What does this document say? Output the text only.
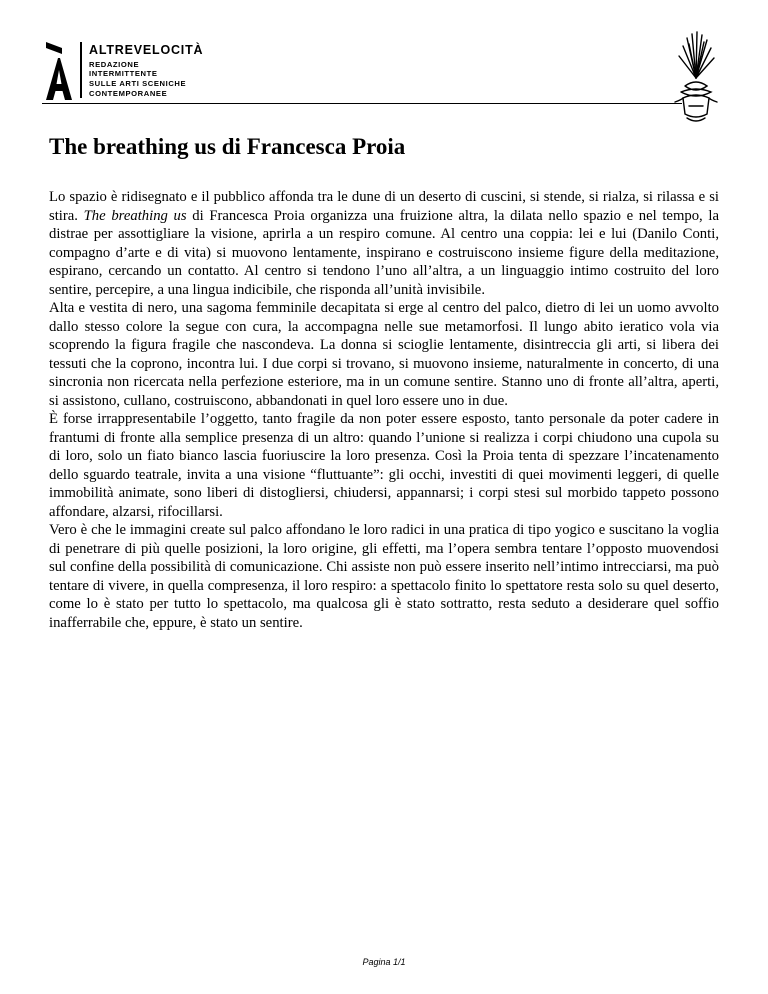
ALTREVELOCITÀ
REDAZIONE
INTERMITTENTE
SULLE ARTI SCENICHE
CONTEMPORANEE
The breathing us di Francesca Proia

Lo spazio è ridisegnato e il pubblico affonda tra le dune di un deserto di cuscini, si stende, si rialza, si rilassa e si stira. The breathing us di Francesca Proia organizza una fruizione altra, la dilata nello spazio e nel tempo, la distrae per assottigliare la visione, aprirla a un respiro comune. Al centro una coppia: lei e lui (Danilo Conti, compagno d’arte e di vita) si muovono lentamente, inspirano e costruiscono insieme figure della meditazione, espirano, cercando un contatto. Al centro si tendono l’uno all’altra, a un linguaggio intimo costruito del loro sentire, percepire, a una lingua indicibile, che risponda all’unità invisibile.

Alta e vestita di nero, una sagoma femminile decapitata si erge al centro del palco, dietro di lei un uomo avvolto dallo stesso colore la segue con cura, la accompagna nelle sue metamorfosi. Il lungo abito ieratico vola via scoprendo la figura fragile che nascondeva. La donna si scioglie lentamente, disintreccia gli arti, si libera dei tessuti che la coprono, incontra lui. I due corpi si trovano, si muovono insieme, naturalmente in concerto, di una sincronia non ricercata nella perfezione esteriore, ma in un comune sentire. Stanno uno di fronte all’altra, aperti, si assistono, cullano, costruiscono, abbandonati in quel loro essere uno in due.

È forse irrappresentabile l’oggetto, tanto fragile da non poter essere esposto, tanto personale da poter cadere in frantumi di fronte alla semplice presenza di un altro: quando l’unione si realizza i corpi chiudono una cupola su di loro, solo un fiato bianco lascia fuoriuscire la loro presenza. Così la Proia tenta di spezzare l’incatenamento dello sguardo teatrale, invita a una visione “fluttuante”: gli occhi, investiti di quei movimenti leggeri, di quelle immobilità animate, sono liberi di distogliersi, chiudersi, appannarsi; i corpi stesi sul morbido tappeto possono affondare, alzarsi, rifocillarsi.

Vero è che le immagini create sul palco affondano le loro radici in una pratica di tipo yogico e suscitano la voglia di penetrare di più quelle posizioni, la loro origine, gli effetti, ma l’opera sembra tentare l’opposto muovendosi sul confine della possibilità di comunicazione. Chi assiste non può essere inserito nell’intimo intrecciarsi, ma può tentare di vivere, in quella compresenza, il loro respiro: a spettacolo finito lo spettatore resta solo su quel deserto, come lo è stato per tutto lo spettacolo, ma qualcosa gli è stato sottratto, resta seduto a desiderare quel soffio inafferrabile che, eppure, è stato un sentire.

Pagina 1/1
